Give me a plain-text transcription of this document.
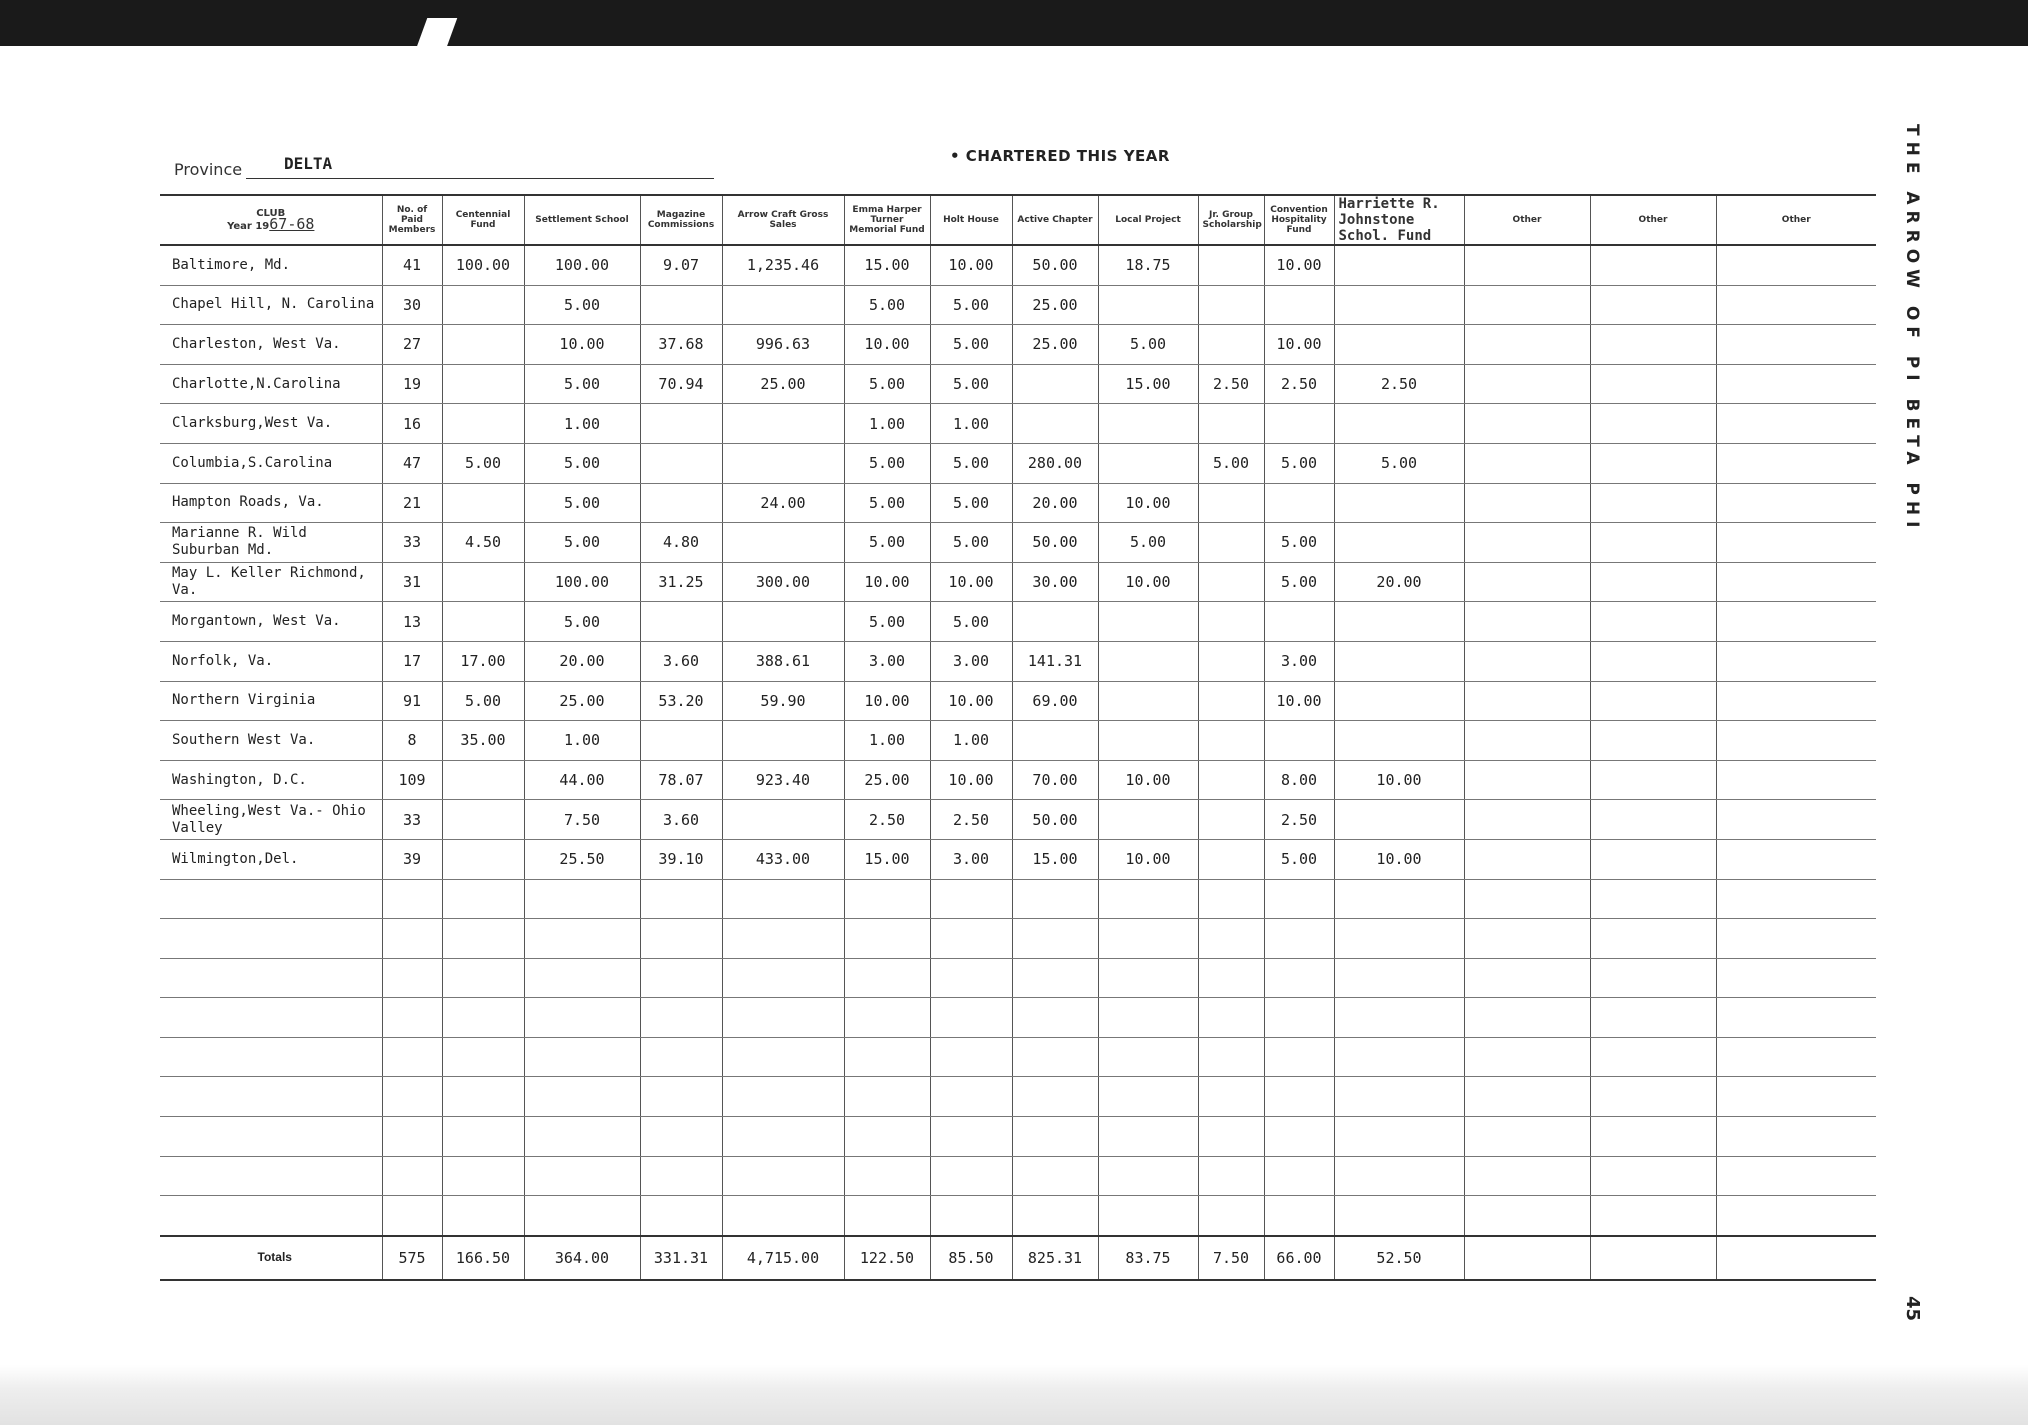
Province	DELTA	• CHARTERED THIS YEAR	THE ARROW OF PI BETA PHI
45
CLUB
Year 1967-68	No. of Paid Members	Centennial Fund	Settlement School	Magazine Commissions	Arrow Craft Gross Sales	Emma Harper Turner Memorial Fund	Holt House	Active Chapter	Local Project	Jr. Group Scholarship	Convention Hospitality Fund	Harriette R. Johnstone Schol. Fund	Other	Other	Other
Baltimore, Md.	41	100.00	100.00	9.07	1,235.46	15.00	10.00	50.00	18.75		10.00				
Chapel Hill, N. Carolina	30		5.00			5.00	5.00	25.00							
Charleston, West Va.	27		10.00	37.68	996.63	10.00	5.00	25.00	5.00		10.00				
Charlotte,N.Carolina	19		5.00	70.94	25.00	5.00	5.00		15.00	2.50	2.50	2.50			
Clarksburg,West Va.	16		1.00			1.00	1.00								
Columbia,S.Carolina	47	5.00	5.00			5.00	5.00	280.00		5.00	5.00	5.00			
Hampton Roads, Va.	21		5.00		24.00	5.00	5.00	20.00	10.00						
Marianne R. Wild Suburban Md.	33	4.50	5.00	4.80		5.00	5.00	50.00	5.00		5.00				
May L. Keller Richmond, Va.	31		100.00	31.25	300.00	10.00	10.00	30.00	10.00		5.00	20.00			
Morgantown, West Va.	13		5.00			5.00	5.00								
Norfolk, Va.	17	17.00	20.00	3.60	388.61	3.00	3.00	141.31			3.00				
Northern Virginia	91	5.00	25.00	53.20	59.90	10.00	10.00	69.00			10.00				
Southern West Va.	8	35.00	1.00			1.00	1.00								
Washington, D.C.	109		44.00	78.07	923.40	25.00	10.00	70.00	10.00		8.00	10.00			
Wheeling,West Va.- Ohio Valley	33		7.50	3.60		2.50	2.50	50.00			2.50				
Wilmington,Del.	39		25.50	39.10	433.00	15.00	3.00	15.00	10.00		5.00	10.00			

Totals	575	166.50	364.00	331.31	4,715.00	122.50	85.50	825.31	83.75	7.50	66.00	52.50			
